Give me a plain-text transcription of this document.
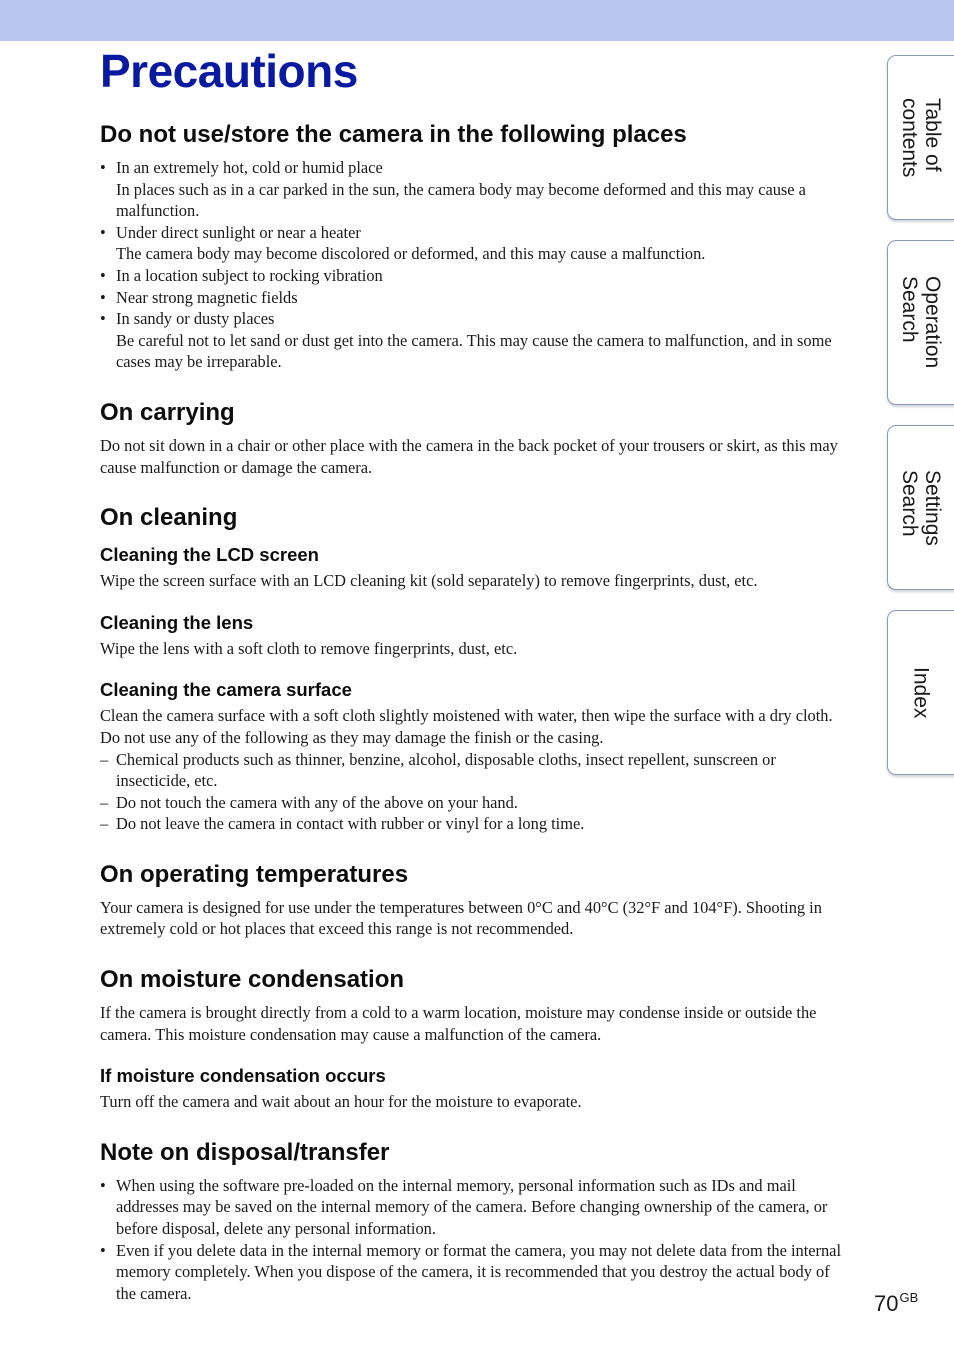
Precautions
Do not use/store the camera in the following places
• In an extremely hot, cold or humid place
In places such as in a car parked in the sun, the camera body may become deformed and this may cause a malfunction.
• Under direct sunlight or near a heater
The camera body may become discolored or deformed, and this may cause a malfunction.
• In a location subject to rocking vibration
• Near strong magnetic fields
• In sandy or dusty places
Be careful not to let sand or dust get into the camera. This may cause the camera to malfunction, and in some cases may be irreparable.
On carrying

Do not sit down in a chair or other place with the camera in the back pocket of your trousers or skirt, as this may cause malfunction or damage the camera.

On cleaning
Cleaning the LCD screen

Wipe the screen surface with an LCD cleaning kit (sold separately) to remove fingerprints, dust, etc.

Cleaning the lens

Wipe the lens with a soft cloth to remove fingerprints, dust, etc.

Cleaning the camera surface

Clean the camera surface with a soft cloth slightly moistened with water, then wipe the surface with a dry cloth. Do not use any of the following as they may damage the finish or the casing.

– Chemical products such as thinner, benzine, alcohol, disposable cloths, insect repellent, sunscreen or insecticide, etc.
– Do not touch the camera with any of the above on your hand.
– Do not leave the camera in contact with rubber or vinyl for a long time.
On operating temperatures

Your camera is designed for use under the temperatures between 0°C and 40°C (32°F and 104°F). Shooting in extremely cold or hot places that exceed this range is not recommended.

On moisture condensation

If the camera is brought directly from a cold to a warm location, moisture may condense inside or outside the camera. This moisture condensation may cause a malfunction of the camera.

If moisture condensation occurs

Turn off the camera and wait about an hour for the moisture to evaporate.

Note on disposal/transfer
• When using the software pre-loaded on the internal memory, personal information such as IDs and mail addresses may be saved on the internal memory of the camera. Before changing ownership of the camera, or before disposal, delete any personal information.
• Even if you delete data in the internal memory or format the camera, you may not delete data from the internal memory completely. When you dispose of the camera, it is recommended that you destroy the actual body of the camera.
Table of
contents
Operation
Search
Settings
Search
Index
$70^{GB}$
